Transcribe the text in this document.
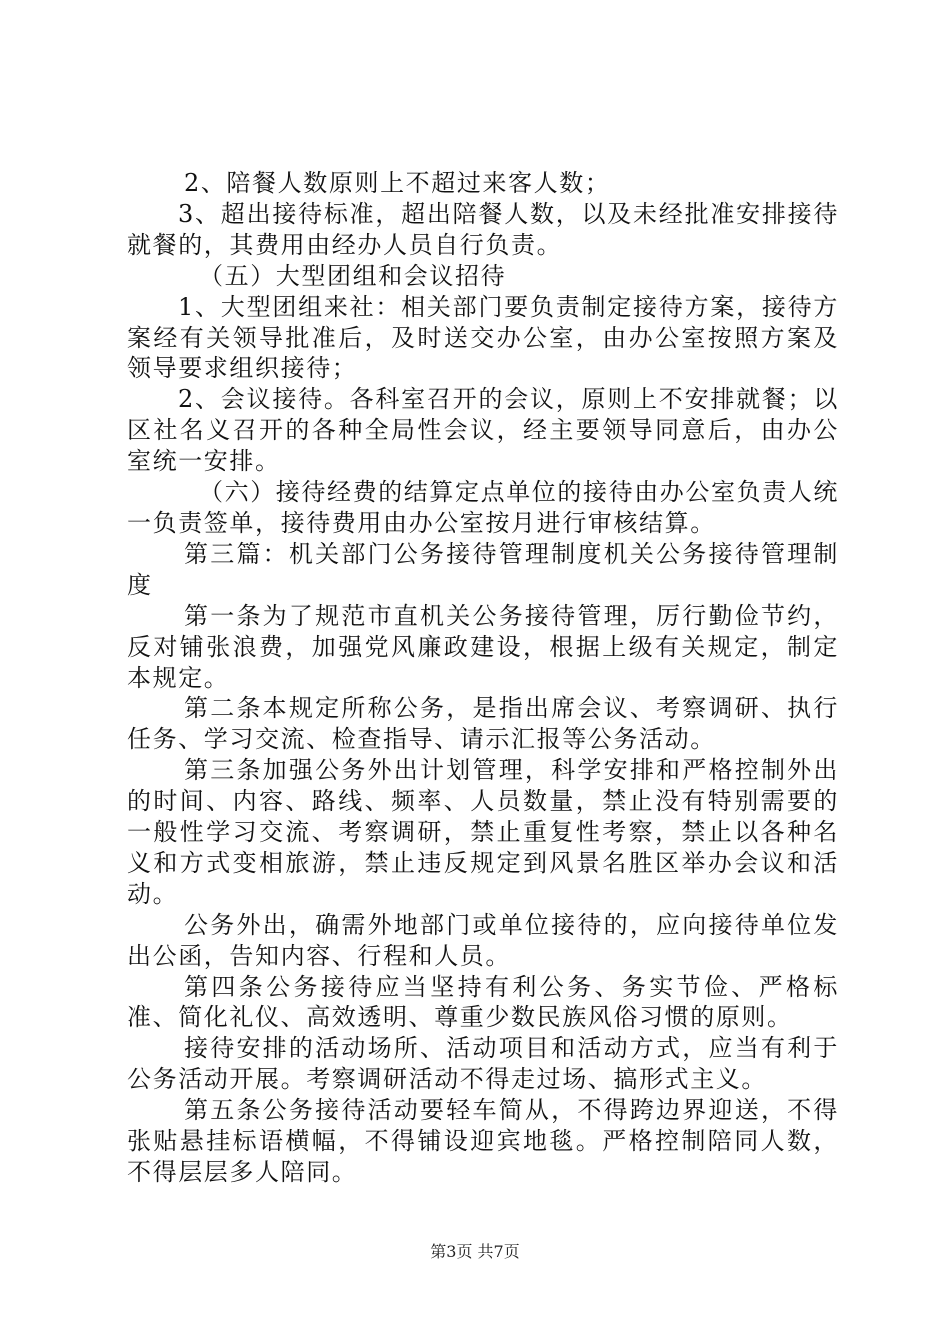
2、陪餐人数原则上不超过来客人数；

3、超出接待标准，超出陪餐人数，以及未经批准安排接待就餐的，其费用由经办人员自行负责。

（五）大型团组和会议招待

1、大型团组来社：相关部门要负责制定接待方案，接待方案经有关领导批准后，及时送交办公室，由办公室按照方案及领导要求组织接待；

2、会议接待。各科室召开的会议，原则上不安排就餐；以区社名义召开的各种全局性会议，经主要领导同意后，由办公室统一安排。

（六）接待经费的结算定点单位的接待由办公室负责人统一负责签单，接待费用由办公室按月进行审核结算。

第三篇：机关部门公务接待管理制度机关公务接待管理制度

第一条为了规范市直机关公务接待管理，厉行勤俭节约，反对铺张浪费，加强党风廉政建设，根据上级有关规定，制定本规定。

第二条本规定所称公务，是指出席会议、考察调研、执行任务、学习交流、检查指导、请示汇报等公务活动。

第三条加强公务外出计划管理，科学安排和严格控制外出的时间、内容、路线、频率、人员数量，禁止没有特别需要的一般性学习交流、考察调研，禁止重复性考察，禁止以各种名义和方式变相旅游，禁止违反规定到风景名胜区举办会议和活动。

公务外出，确需外地部门或单位接待的，应向接待单位发出公函，告知内容、行程和人员。

第四条公务接待应当坚持有利公务、务实节俭、严格标准、简化礼仪、高效透明、尊重少数民族风俗习惯的原则。

接待安排的活动场所、活动项目和活动方式，应当有利于公务活动开展。考察调研活动不得走过场、搞形式主义。

第五条公务接待活动要轻车简从，不得跨边界迎送，不得张贴悬挂标语横幅，不得铺设迎宾地毯。严格控制陪同人数，不得层层多人陪同。

第3页 共7页
